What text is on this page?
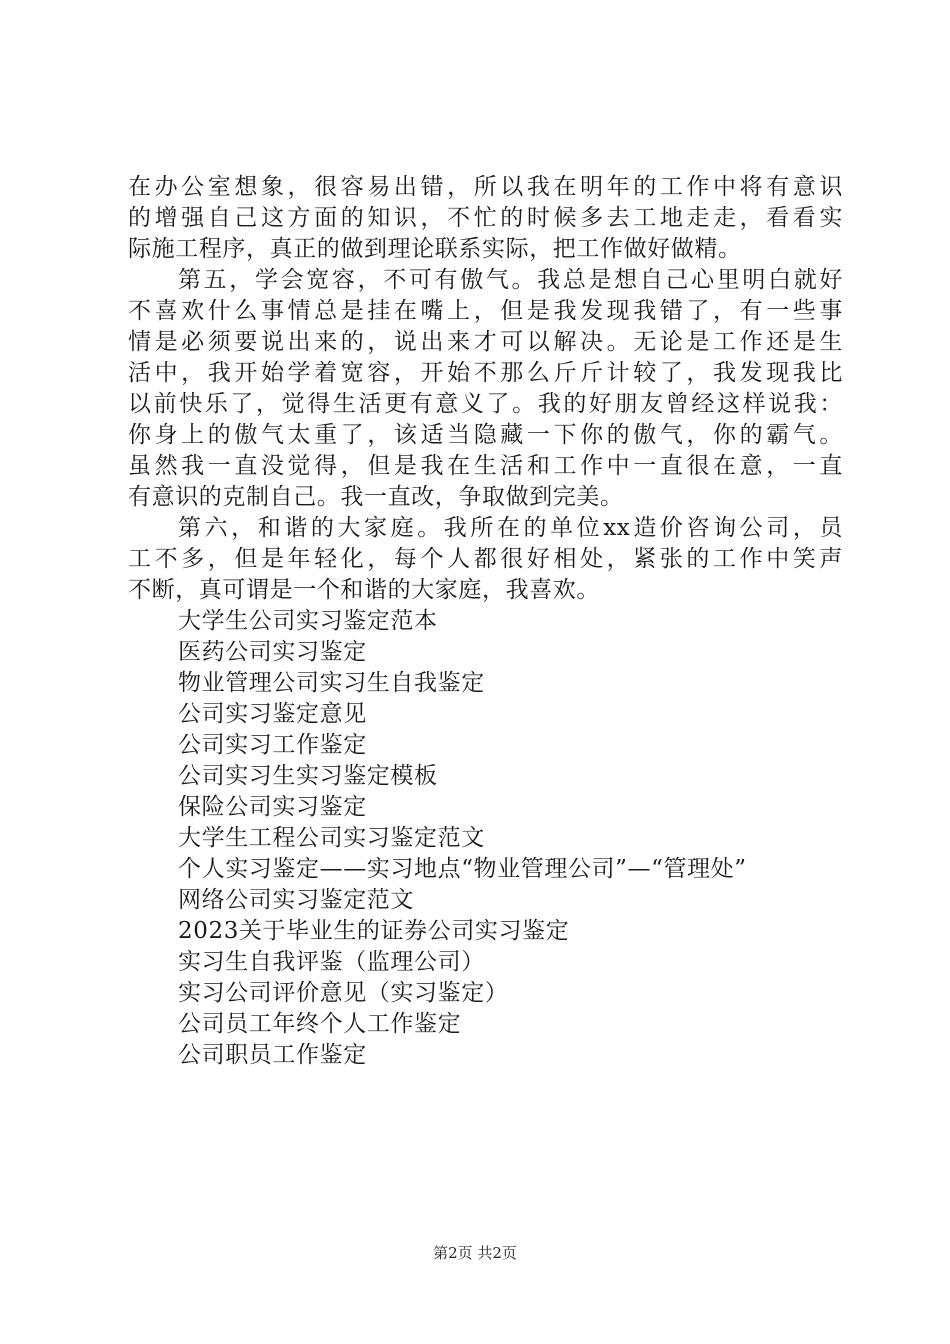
在办公室想象，很容易出错，所以我在明年的工作中将有意识
的增强自己这方面的知识，不忙的时候多去工地走走，看看实
际施工程序，真正的做到理论联系实际，把工作做好做精。
第五，学会宽容，不可有傲气。我总是想自己心里明白就好
不喜欢什么事情总是挂在嘴上，但是我发现我错了，有一些事
情是必须要说出来的，说出来才可以解决。无论是工作还是生
活中，我开始学着宽容，开始不那么斤斤计较了，我发现我比
以前快乐了，觉得生活更有意义了。我的好朋友曾经这样说我：
你身上的傲气太重了，该适当隐藏一下你的傲气，你的霸气。
虽然我一直没觉得，但是我在生活和工作中一直很在意，一直
有意识的克制自己。我一直改，争取做到完美。
第六，和谐的大家庭。我所在的单位xx造价咨询公司，员
工不多，但是年轻化，每个人都很好相处，紧张的工作中笑声
不断，真可谓是一个和谐的大家庭，我喜欢。
大学生公司实习鉴定范本
医药公司实习鉴定
物业管理公司实习生自我鉴定
公司实习鉴定意见
公司实习工作鉴定
公司实习生实习鉴定模板
保险公司实习鉴定
大学生工程公司实习鉴定范文
个人实习鉴定——实习地点“物业管理公司”—“管理处”
网络公司实习鉴定范文
2023关于毕业生的证券公司实习鉴定
实习生自我评鉴（监理公司）
实习公司评价意见（实习鉴定）
公司员工年终个人工作鉴定
公司职员工作鉴定
第2页 共2页
